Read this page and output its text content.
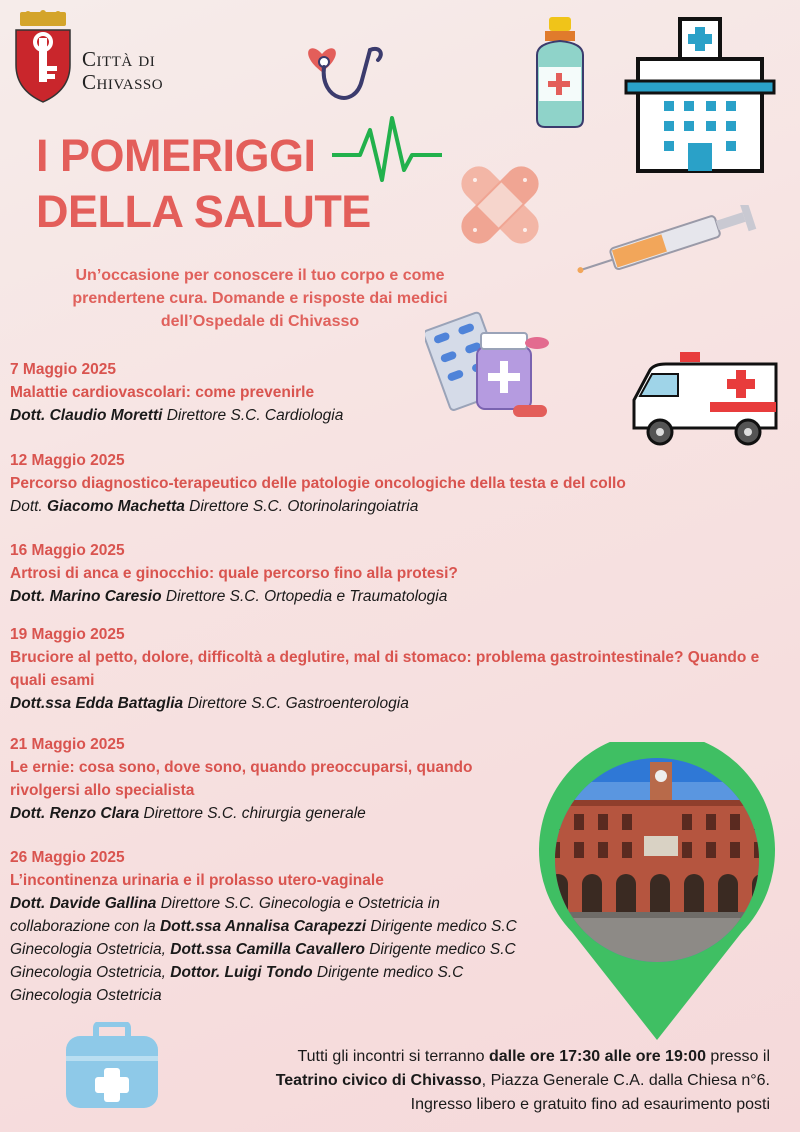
Città di
Chivasso
I POMERIGGI
DELLA SALUTE
Un’occasione per conoscere il tuo corpo e come prendertene cura. Domande e risposte dai medici dell’Ospedale di Chivasso
7 Maggio 2025
Malattie cardiovascolari: come prevenirle
Dott. Claudio Moretti Direttore S.C. Cardiologia
12 Maggio 2025
Percorso diagnostico-terapeutico delle patologie oncologiche della testa e del collo
Dott. Giacomo Machetta Direttore S.C. Otorinolaringoiatria
16 Maggio 2025
Artrosi di anca e ginocchio: quale percorso fino alla protesi?
Dott. Marino Caresio Direttore S.C. Ortopedia e Traumatologia
19 Maggio 2025
Bruciore al petto, dolore, difficoltà a deglutire, mal di stomaco: problema gastrointestinale? Quando e quali esami
Dott.ssa Edda Battaglia Direttore S.C. Gastroenterologia
21 Maggio 2025
Le ernie: cosa sono, dove sono, quando preoccuparsi, quando rivolgersi allo specialista
Dott. Renzo Clara Direttore S.C. chirurgia generale
26 Maggio 2025
L’incontinenza urinaria e il prolasso utero-vaginale
Dott. Davide Gallina Direttore S.C. Ginecologia e Ostetricia in collaborazione con la Dott.ssa Annalisa Carapezzi Dirigente medico S.C Ginecologia Ostetricia, Dott.ssa Camilla Cavallero Dirigente medico S.C Ginecologia Ostetricia, Dottor. Luigi Tondo Dirigente medico S.C Ginecologia Ostetricia
Tutti gli incontri si terranno dalle ore 17:30 alle ore 19:00 presso il
Teatrino civico di Chivasso, Piazza Generale C.A. dalla Chiesa n°6.
Ingresso libero e gratuito fino ad esaurimento posti
